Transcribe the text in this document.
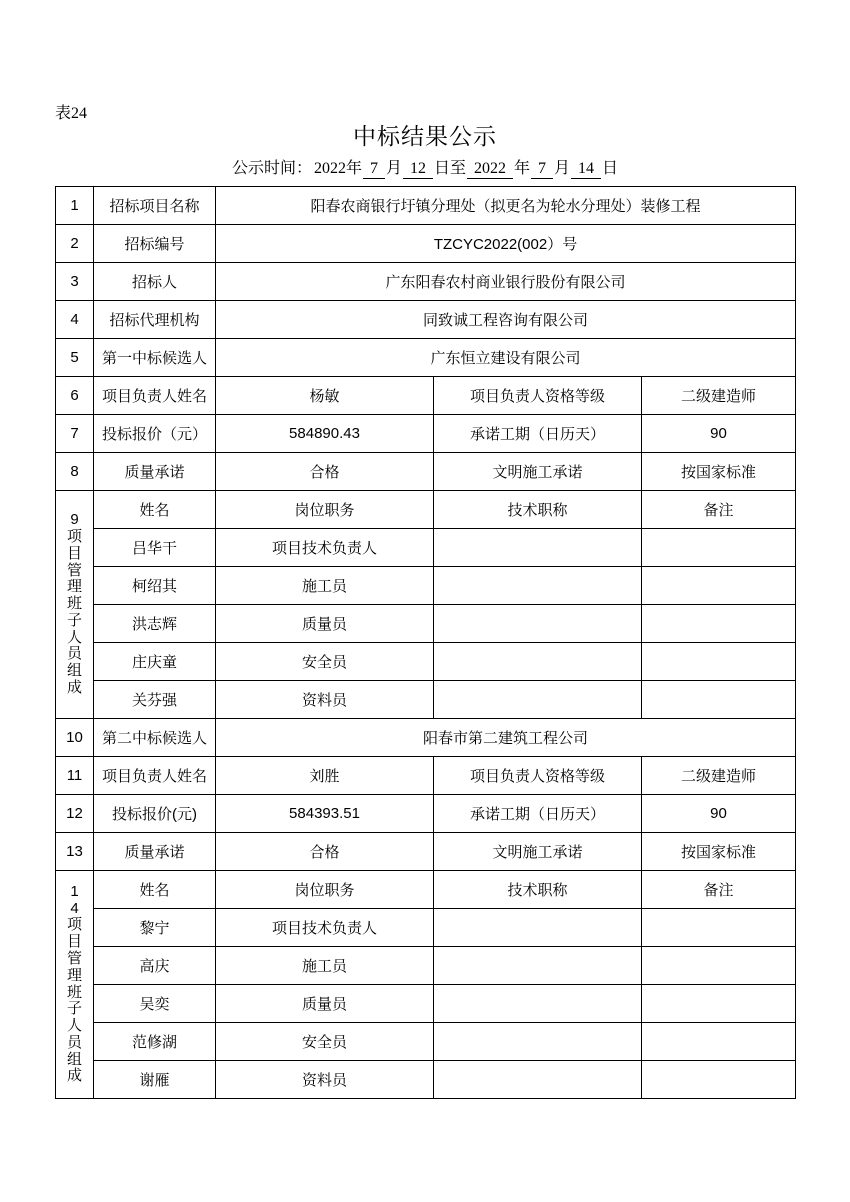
表24
中标结果公示
公示时间： 2022年 7 月 12 日至 2022 年 7 月 14 日
1	招标项目名称	阳春农商银行圩镇分理处（拟更名为轮水分理处）装修工程		
2	招标编号	TZCYC2022(002）号		
3	招标人	广东阳春农村商业银行股份有限公司		
4	招标代理机构	同致诚工程咨询有限公司		
5	第一中标候选人	广东恒立建设有限公司		
6	项目负责人姓名	杨敏	项目负责人资格等级	二级建造师
7	投标报价（元）	584890.43	承诺工期（日历天）	90
8	质量承诺	合格	文明施工承诺	按国家标准

9
项目管理班子人员组成	姓名	岗位职务	技术职称	备注
	吕华干	项目技术负责人		
	柯绍其	施工员		
	洪志辉	质量员		
	庄庆童	安全员		
	关芬强	资料员		
10	第二中标候选人	阳春市第二建筑工程公司		
11	项目负责人姓名	刘胜	项目负责人资格等级	二级建造师
12	投标报价(元)	584393.51	承诺工期（日历天）	90
13	质量承诺	合格	文明施工承诺	按国家标准

14
项目管理班子人员组成	姓名	岗位职务	技术职称	备注
	黎宁	项目技术负责人		
	高庆	施工员		
	吴奕	质量员		
	范修湖	安全员		
	谢雁	资料员		
